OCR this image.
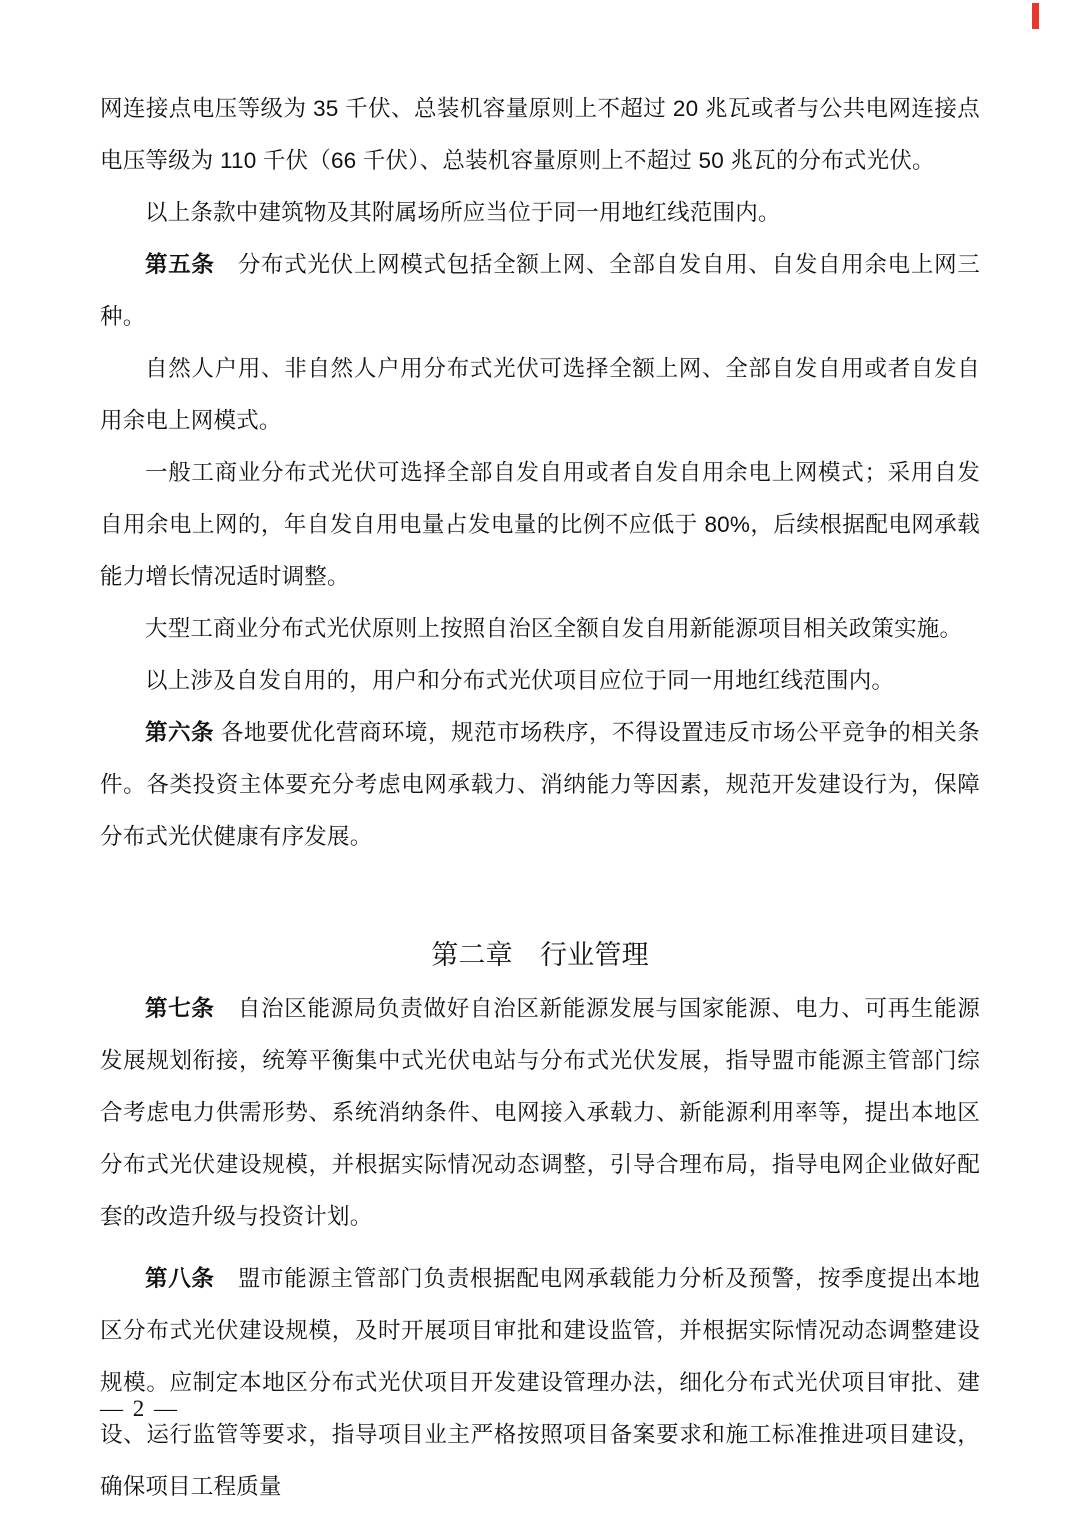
网连接点电压等级为 35 千伏、总装机容量原则上不超过 20 兆瓦或者与公共电网连接点电压等级为 110 千伏（66 千伏）、总装机容量原则上不超过 50 兆瓦的分布式光伏。

以上条款中建筑物及其附属场所应当位于同一用地红线范围内。

第五条　分布式光伏上网模式包括全额上网、全部自发自用、自发自用余电上网三种。

自然人户用、非自然人户用分布式光伏可选择全额上网、全部自发自用或者自发自用余电上网模式。

一般工商业分布式光伏可选择全部自发自用或者自发自用余电上网模式；采用自发自用余电上网的，年自发自用电量占发电量的比例不应低于 80%，后续根据配电网承载能力增长情况适时调整。

大型工商业分布式光伏原则上按照自治区全额自发自用新能源项目相关政策实施。

以上涉及自发自用的，用户和分布式光伏项目应位于同一用地红线范围内。

第六条 各地要优化营商环境，规范市场秩序，不得设置违反市场公平竞争的相关条件。各类投资主体要充分考虑电网承载力、消纳能力等因素，规范开发建设行为，保障分布式光伏健康有序发展。

第二章　行业管理

第七条　自治区能源局负责做好自治区新能源发展与国家能源、电力、可再生能源发展规划衔接，统筹平衡集中式光伏电站与分布式光伏发展，指导盟市能源主管部门综合考虑电力供需形势、系统消纳条件、电网接入承载力、新能源利用率等，提出本地区分布式光伏建设规模，并根据实际情况动态调整，引导合理布局，指导电网企业做好配套的改造升级与投资计划。

第八条　盟市能源主管部门负责根据配电网承载能力分析及预警，按季度提出本地区分布式光伏建设规模，及时开展项目审批和建设监管，并根据实际情况动态调整建设规模。应制定本地区分布式光伏项目开发建设管理办法，细化分布式光伏项目审批、建设、运行监管等要求，指导项目业主严格按照项目备案要求和施工标准推进项目建设，确保项目工程质量

— 2 —
